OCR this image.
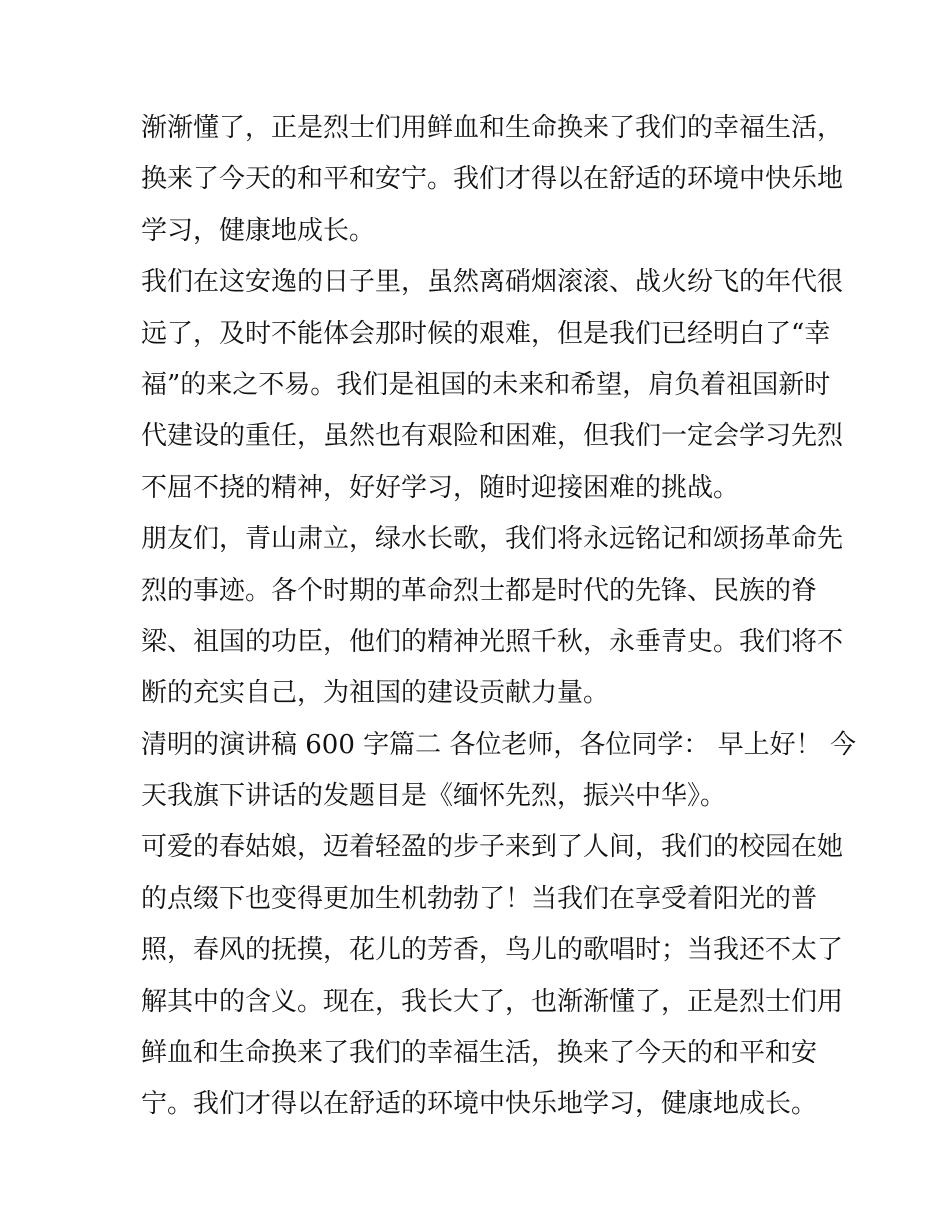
渐渐懂了，正是烈士们用鲜血和生命换来了我们的幸福生活，
换来了今天的和平和安宁。我们才得以在舒适的环境中快乐地
学习，健康地成长。
我们在这安逸的日子里，虽然离硝烟滚滚、战火纷飞的年代很
远了，及时不能体会那时候的艰难，但是我们已经明白了“幸
福”的来之不易。我们是祖国的未来和希望，肩负着祖国新时
代建设的重任，虽然也有艰险和困难，但我们一定会学习先烈
不屈不挠的精神，好好学习，随时迎接困难的挑战。
朋友们，青山肃立，绿水长歌，我们将永远铭记和颂扬革命先
烈的事迹。各个时期的革命烈士都是时代的先锋、民族的脊
梁、祖国的功臣，他们的精神光照千秋，永垂青史。我们将不
断的充实自己，为祖国的建设贡献力量。
清明的演讲稿 600 字篇二 各位老师，各位同学： 早上好！ 今
天我旗下讲话的发题目是《缅怀先烈，振兴中华》。
可爱的春姑娘，迈着轻盈的步子来到了人间，我们的校园在她
的点缀下也变得更加生机勃勃了！当我们在享受着阳光的普
照，春风的抚摸，花儿的芳香，鸟儿的歌唱时；当我还不太了
解其中的含义。现在，我长大了，也渐渐懂了，正是烈士们用
鲜血和生命换来了我们的幸福生活，换来了今天的和平和安
宁。我们才得以在舒适的环境中快乐地学习，健康地成长。
